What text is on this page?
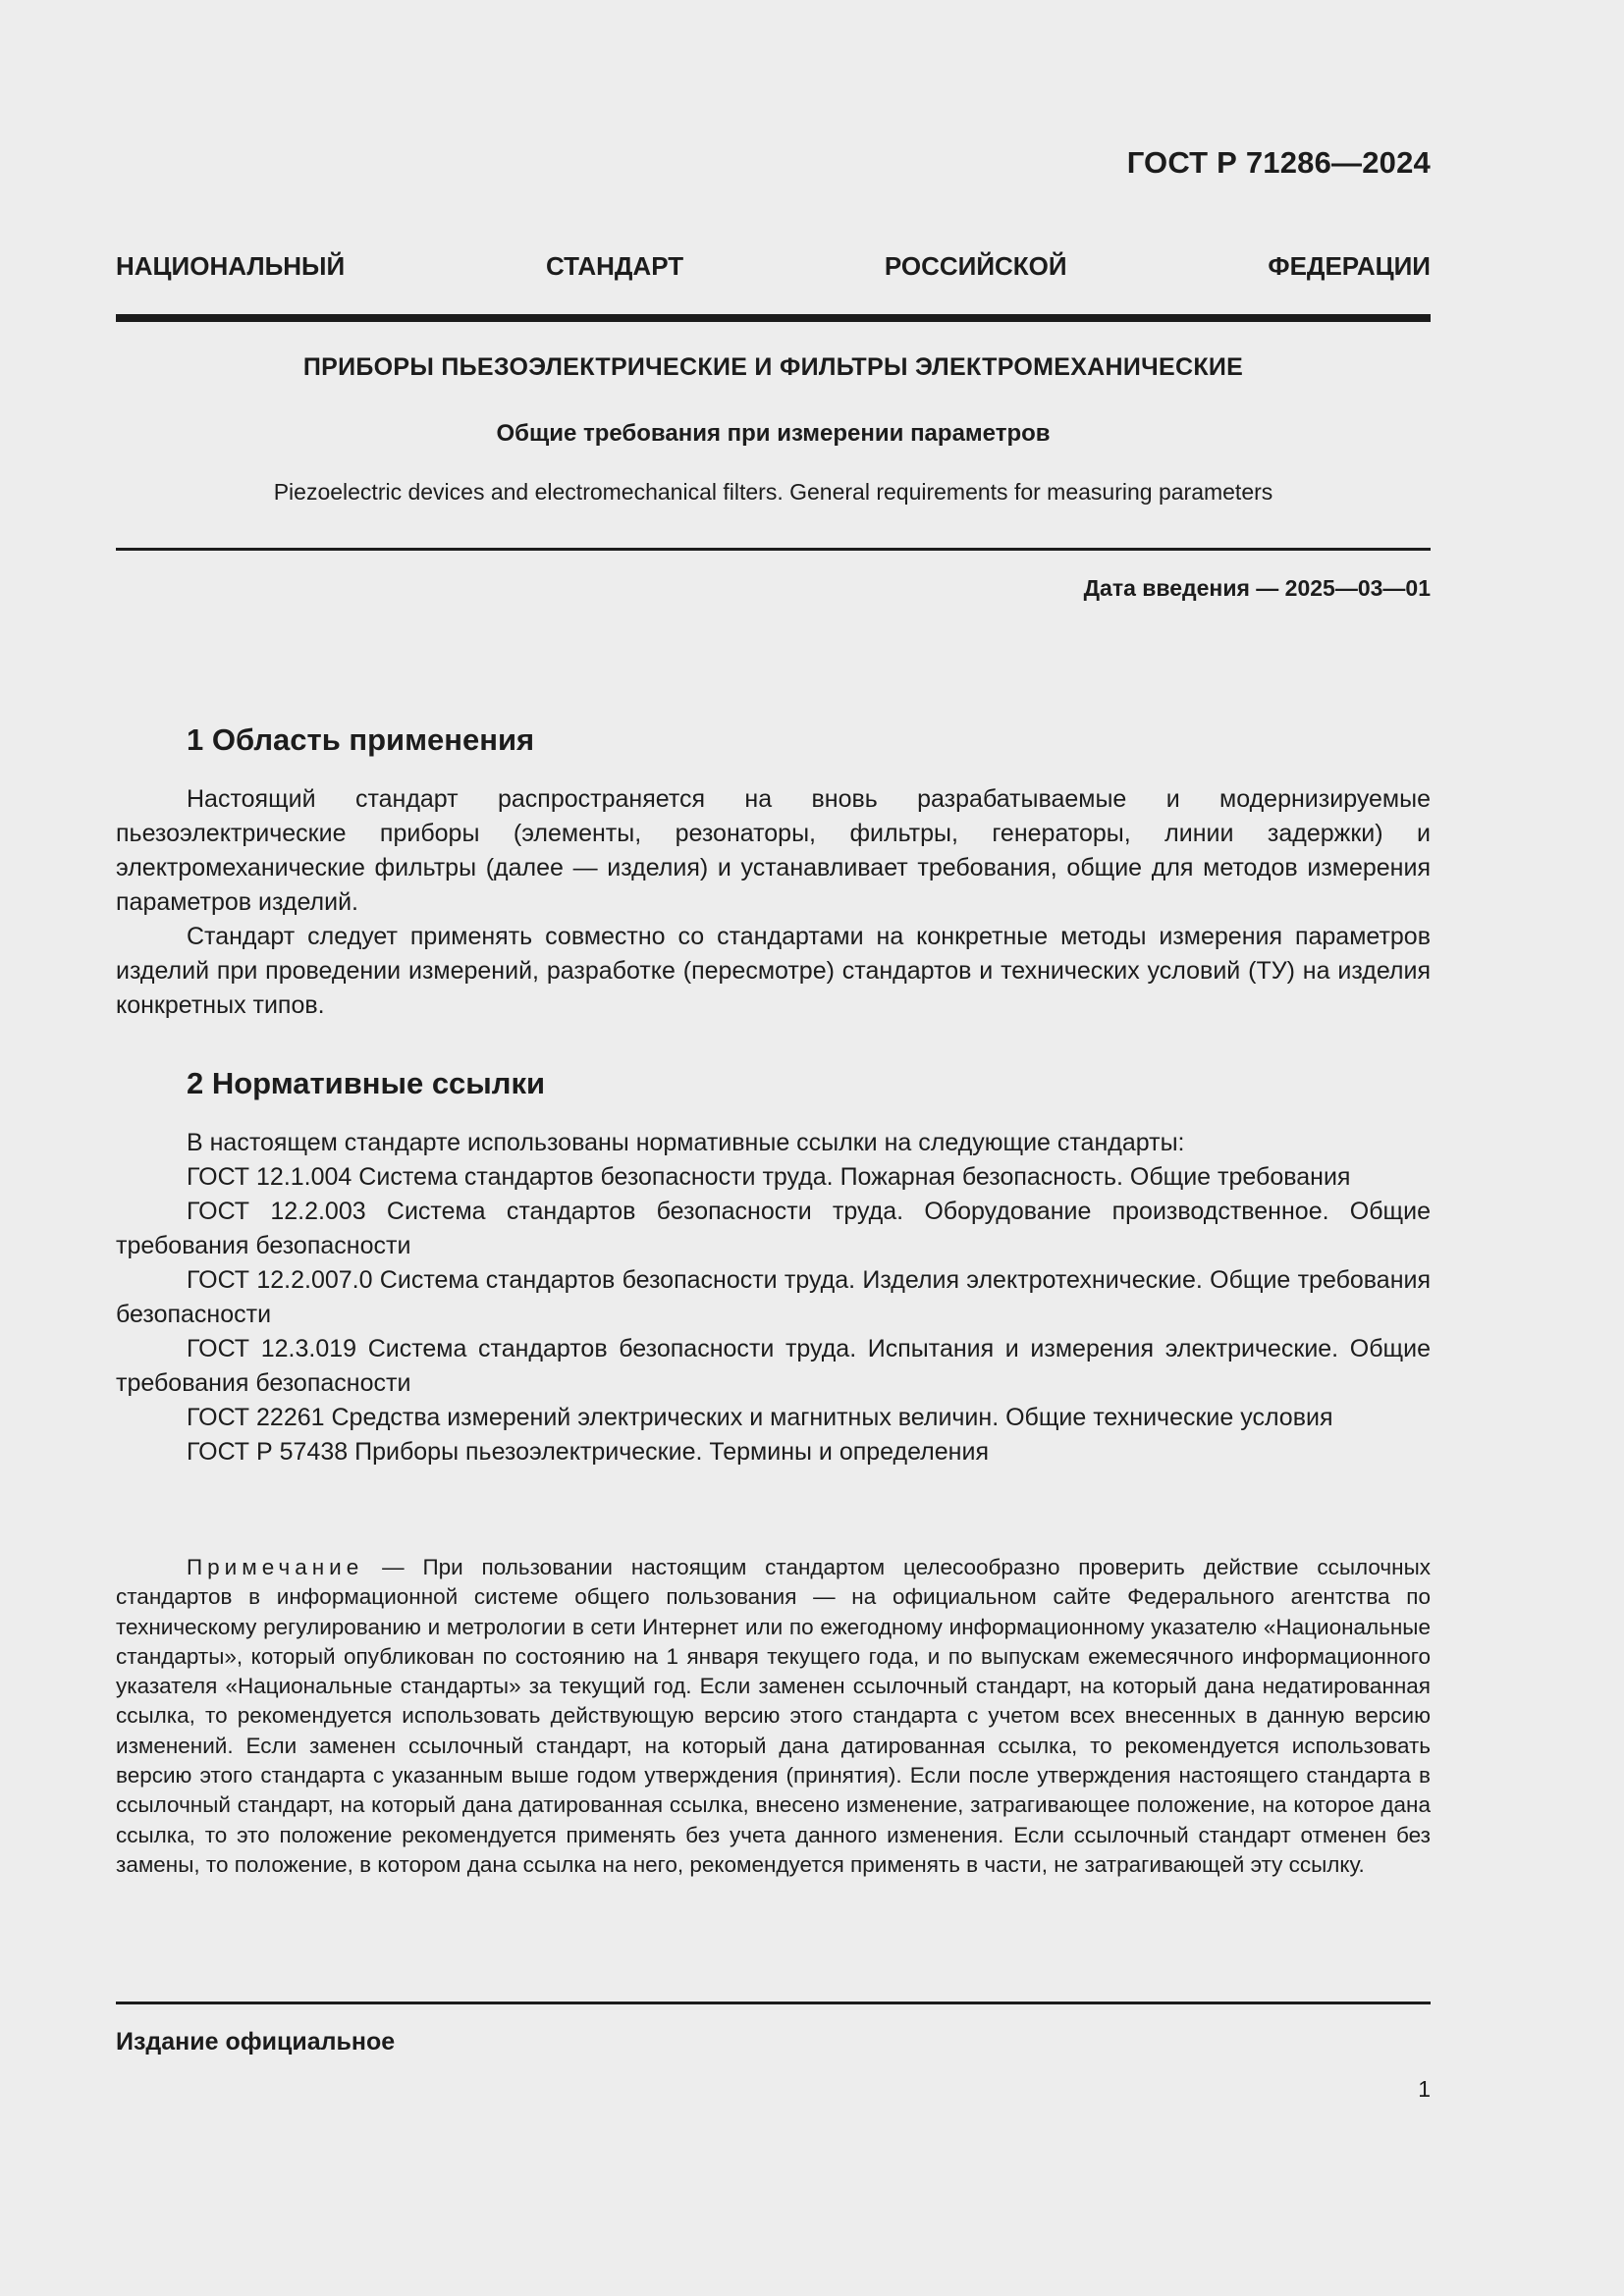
ГОСТ Р 71286—2024
НАЦИОНАЛЬНЫЙ СТАНДАРТ РОССИЙСКОЙ ФЕДЕРАЦИИ
ПРИБОРЫ ПЬЕЗОЭЛЕКТРИЧЕСКИЕ И ФИЛЬТРЫ ЭЛЕКТРОМЕХАНИЧЕСКИЕ
Общие требования при измерении параметров
Piezoelectric devices and electromechanical filters. General requirements for measuring parameters
Дата введения — 2025—03—01
1 Область применения

Настоящий стандарт распространяется на вновь разрабатываемые и модернизируемые пьезоэлектрические приборы (элементы, резонаторы, фильтры, генераторы, линии задержки) и электромеханические фильтры (далее — изделия) и устанавливает требования, общие для методов измерения параметров изделий.

Стандарт следует применять совместно со стандартами на конкретные методы измерения параметров изделий при проведении измерений, разработке (пересмотре) стандартов и технических условий (ТУ) на изделия конкретных типов.

2 Нормативные ссылки

В настоящем стандарте использованы нормативные ссылки на следующие стандарты:

ГОСТ 12.1.004 Система стандартов безопасности труда. Пожарная безопасность. Общие требования

ГОСТ 12.2.003 Система стандартов безопасности труда. Оборудование производственное. Общие требования безопасности

ГОСТ 12.2.007.0 Система стандартов безопасности труда. Изделия электротехнические. Общие требования безопасности

ГОСТ 12.3.019 Система стандартов безопасности труда. Испытания и измерения электрические. Общие требования безопасности

ГОСТ 22261 Средства измерений электрических и магнитных величин. Общие технические условия

ГОСТ Р 57438 Приборы пьезоэлектрические. Термины и определения

Примечание — При пользовании настоящим стандартом целесообразно проверить действие ссылочных стандартов в информационной системе общего пользования — на официальном сайте Федерального агентства по техническому регулированию и метрологии в сети Интернет или по ежегодному информационному указателю «Национальные стандарты», который опубликован по состоянию на 1 января текущего года, и по выпускам ежемесячного информационного указателя «Национальные стандарты» за текущий год. Если заменен ссылочный стандарт, на который дана недатированная ссылка, то рекомендуется использовать действующую версию этого стандарта с учетом всех внесенных в данную версию изменений. Если заменен ссылочный стандарт, на который дана датированная ссылка, то рекомендуется использовать версию этого стандарта с указанным выше годом утверждения (принятия). Если после утверждения настоящего стандарта в ссылочный стандарт, на который дана датированная ссылка, внесено изменение, затрагивающее положение, на которое дана ссылка, то это положение рекомендуется применять без учета данного изменения. Если ссылочный стандарт отменен без замены, то положение, в котором дана ссылка на него, рекомендуется применять в части, не затрагивающей эту ссылку.

Издание официальное
1
